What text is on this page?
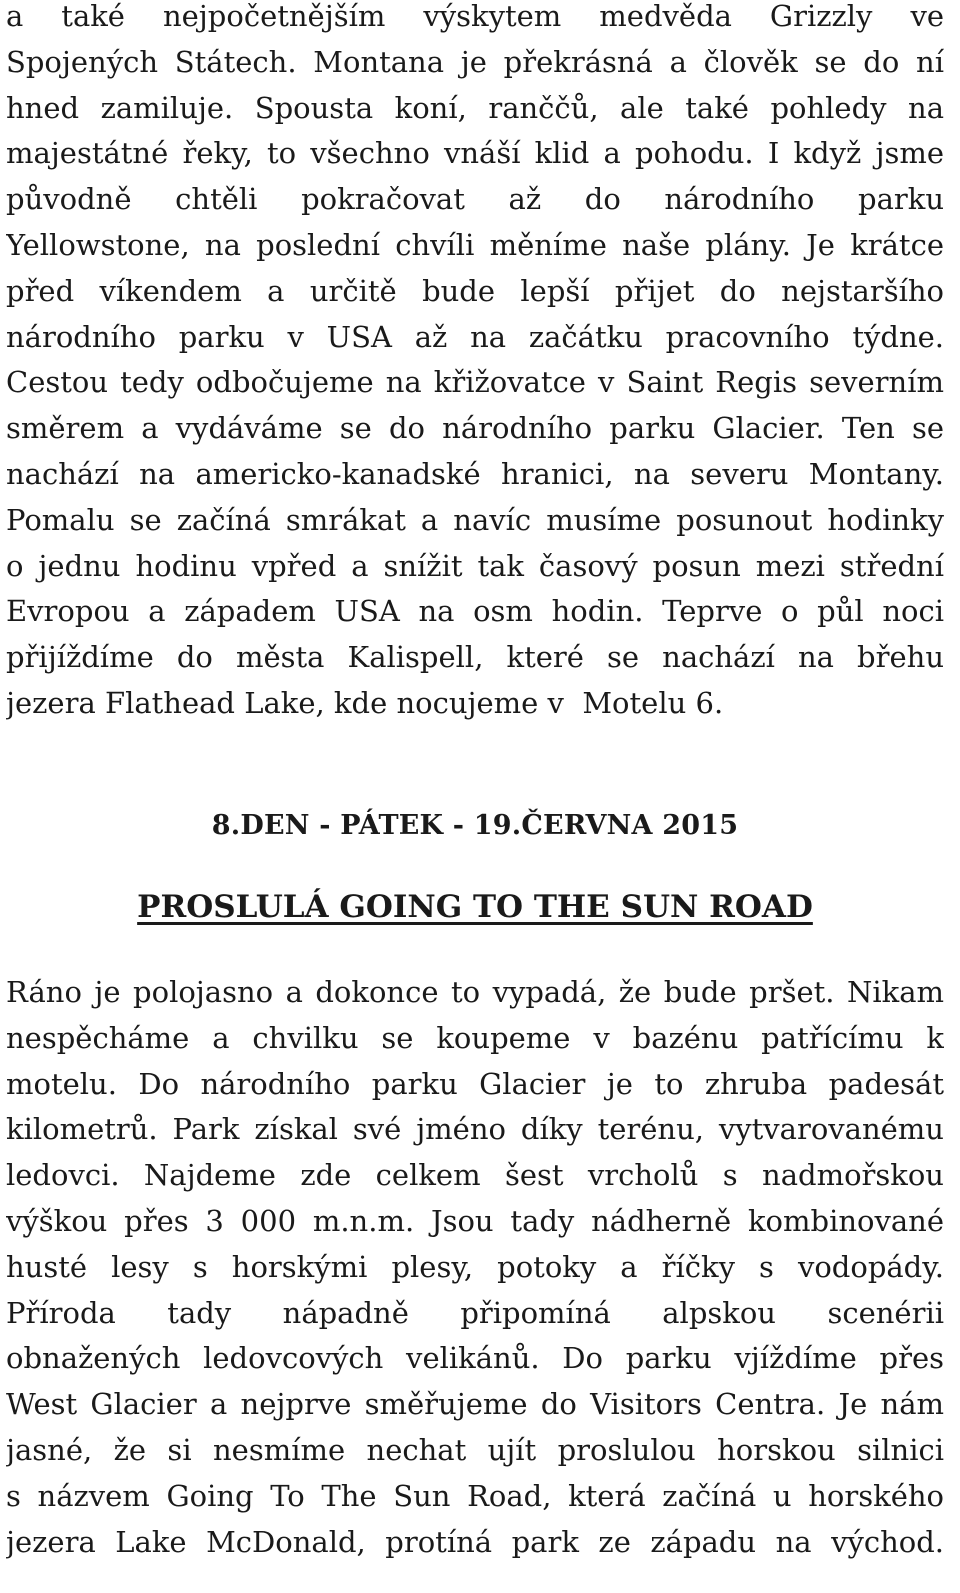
a také nejpočetnějším výskytem medvěda Grizzly ve
Spojených Státech. Montana je překrásná a člověk se do ní
hned zamiluje. Spousta koní, ranččů, ale také pohledy na
majestátné řeky, to všechno vnáší klid a pohodu. I když jsme
původně chtěli pokračovat až do národního parku
Yellowstone, na poslední chvíli měníme naše plány. Je krátce
před víkendem a určitě bude lepší přijet do nejstaršího
národního parku v USA až na začátku pracovního týdne.
Cestou tedy odbočujeme na křižovatce v Saint Regis severním
směrem a vydáváme se do národního parku Glacier. Ten se
nachází na americko-kanadské hranici, na severu Montany.
Pomalu se začíná smrákat a navíc musíme posunout hodinky
o jednu hodinu vpřed a snížit tak časový posun mezi střední
Evropou a západem USA na osm hodin. Teprve o půl noci
přijíždíme do města Kalispell, které se nachází na břehu
jezera Flathead Lake, kde nocujeme v  Motelu 6.
8.DEN - PÁTEK - 19.ČERVNA 2015
PROSLULÁ GOING TO THE SUN ROAD
Ráno je polojasno a dokonce to vypadá, že bude pršet. Nikam
nespěcháme a chvilku se koupeme v bazénu patřícímu k
motelu. Do národního parku Glacier je to zhruba padesát
kilometrů. Park získal své jméno díky terénu, vytvarovanému
ledovci. Najdeme zde celkem šest vrcholů s nadmořskou
výškou přes 3 000 m.n.m. Jsou tady nádherně kombinované
husté lesy s horskými plesy, potoky a říčky s vodopády.
Příroda tady nápadně připomíná alpskou scenérii
obnažených ledovcových velikánů. Do parku vjíždíme přes
West Glacier a nejprve směřujeme do Visitors Centra. Je nám
jasné, že si nesmíme nechat ujít proslulou horskou silnici
s názvem Going To The Sun Road, která začíná u horského
jezera Lake McDonald, protíná park ze západu na východ.
